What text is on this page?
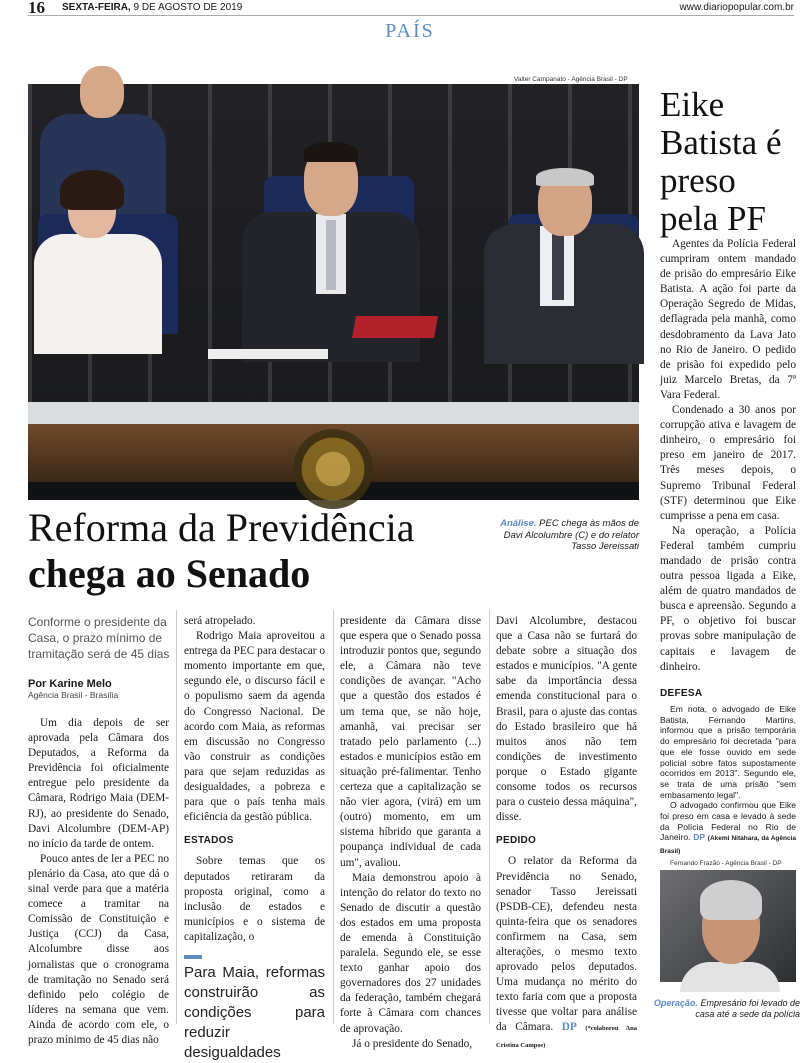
16 SEXTA-FEIRA, 9 DE AGOSTO DE 2019	www.diariopopular.com.br
PAÍS
Valter Campanato - Agência Brasil - DP
Eike Batista é preso pela PF

Agentes da Polícia Federal cumpriram ontem mandado de prisão do empresário Eike Batista. A ação foi parte da Operação Segredo de Midas, deflagrada pela manhã, como desdobramento da Lava Jato no Rio de Janeiro. O pedido de prisão foi expedido pelo juiz Marcelo Bretas, da 7ª Vara Federal.

Condenado a 30 anos por corrupção ativa e lavagem de dinheiro, o empresário foi preso em janeiro de 2017. Três meses depois, o Supremo Tribunal Federal (STF) determinou que Eike cumprisse a pena em casa.

Na operação, a Polícia Federal também cumpriu mandado de prisão contra outra pessoa ligada a Eike, além de quatro mandados de busca e apreensão. Segundo a PF, o objetivo foi buscar provas sobre manipulação de capitais e lavagem de dinheiro.

DEFESA

Em nota, o advogado de Eike Batista, Fernando Martins, informou que a prisão temporária do empresário foi decretada "para que ele fosse ouvido em sede policial sobre fatos supostamente ocorridos em 2013". Segundo ele, se trata de uma prisão "sem embasamento legal".

O advogado confirmou que Eike foi preso em casa e levado à sede da Polícia Federal no Rio de Janeiro. DP (Akemi Nitahara, da Agência Brasil)

Fernando Frazão - Agência Brasil - DP
Operação. Empresário foi levado de casa até a sede da polícia
Reforma da Previdência
chega ao Senado
Análise. PEC chega às mãos de Davi Alcolumbre (C) e do relator Tasso Jereissati
Conforme o presidente da Casa, o prazo mínimo de tramitação será de 45 dias
Por Karine Melo
Agência Brasil - Brasília

Um dia depois de ser aprovada pela Câmara dos Deputados, a Reforma da Previdência foi oficialmente entregue pelo presidente da Câmara, Rodrigo Maia (DEM-RJ), ao presidente do Senado, Davi Alcolumbre (DEM-AP) no início da tarde de ontem.

Pouco antes de ler a PEC no plenário da Casa, ato que dá o sinal verde para que a matéria comece a tramitar na Comissão de Constituição e Justiça (CCJ) da Casa, Alcolumbre disse aos jornalistas que o cronograma de tramitação no Senado será definido pelo colégio de líderes na semana que vem. Ainda de acordo com ele, o prazo mínimo de 45 dias não

será atropelado.

Rodrigo Maia aproveitou a entrega da PEC para destacar o momento importante em que, segundo ele, o discurso fácil e o populismo saem da agenda do Congresso Nacional. De acordo com Maia, as reformas em discussão no Congresso vão construir as condições para que sejam reduzidas as desigualdades, a pobreza e para que o país tenha mais eficiência da gestão pública.

ESTADOS

Sobre temas que os deputados retiraram da proposta original, como a inclusão de estados e municípios e o sistema de capitalização, o

Para Maia, reformas construirão as condições para reduzir desigualdades

presidente da Câmara disse que espera que o Senado possa introduzir pontos que, segundo ele, a Câmara não teve condições de avançar. "Acho que a questão dos estados é um tema que, se não hoje, amanhã, vai precisar ser tratado pelo parlamento (...) estados e municípios estão em situação pré-falimentar. Tenho certeza que a capitalização se não vier agora, (virá) em um (outro) momento, em um sistema híbrido que garanta a poupança individual de cada um", avaliou.

Maia demonstrou apoio à intenção do relator do texto no Senado de discutir a questão dos estados em uma proposta de emenda à Constituição paralela. Segundo ele, se esse texto ganhar apoio dos governadores dos 27 unidades da federação, também chegará forte à Câmara com chances de aprovação.

Já o presidente do Senado,

Davi Alcolumbre, destacou que a Casa não se furtará do debate sobre a situação dos estados e municípios. "A gente sabe da importância dessa emenda constitucional para o Brasil, para o ajuste das contas do Estado brasileiro que há muitos anos não tem condições de investimento porque o Estado gigante consome todos os recursos para o custeio dessa máquina", disse.

PEDIDO

O relator da Reforma da Previdência no Senado, senador Tasso Jereissati (PSDB-CE), defendeu nesta quinta-feira que os senadores confirmem na Casa, sem alterações, o mesmo texto aprovado pelos deputados. Uma mudança no mérito do texto faria com que a proposta tivesse que voltar para análise da Câmara. DP (*colaborou Ana Cristina Campos)
